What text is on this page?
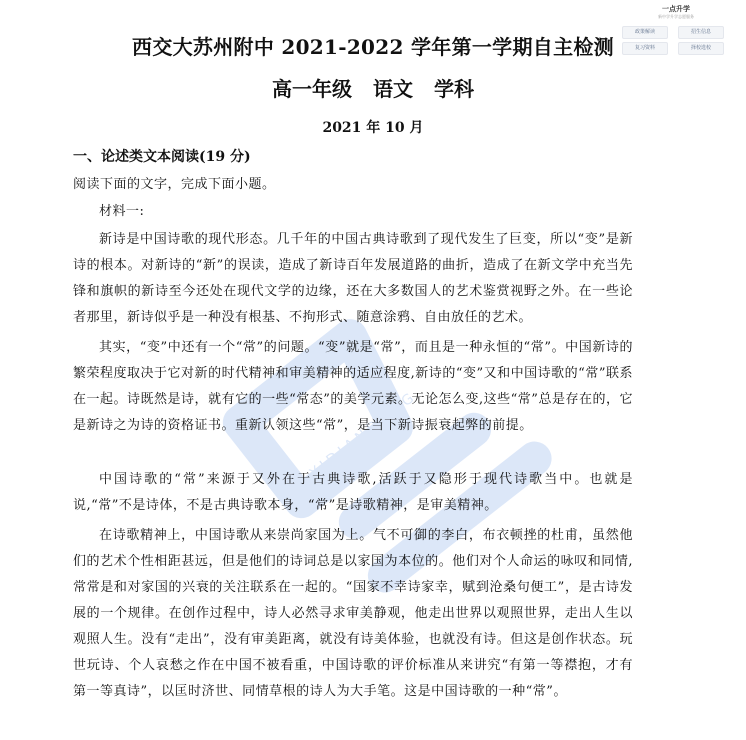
YIDIANDONG
一点升学
新中学升学志愿服务
政策解读	招生信息
复习资料	择校选校
西交大苏州附中 2021-2022 学年第一学期自主检测
高一年级 语文 学科
2021 年 10 月
一、论述类文本阅读(19 分)

阅读下面的文字，完成下面小题。

材料一:

新诗是中国诗歌的现代形态。几千年的中国古典诗歌到了现代发生了巨变，所以“变”是新诗的根本。对新诗的“新”的误读，造成了新诗百年发展道路的曲折，造成了在新文学中充当先锋和旗帜的新诗至今还处在现代文学的边缘，还在大多数国人的艺术鉴赏视野之外。在一些论者那里，新诗似乎是一种没有根基、不拘形式、随意涂鸦、自由放任的艺术。

其实，“变”中还有一个“常”的问题。“变”就是“常”，而且是一种永恒的“常”。中国新诗的繁荣程度取决于它对新的时代精神和审美精神的适应程度,新诗的“变”又和中国诗歌的“常”联系在一起。诗既然是诗，就有它的一些“常态”的美学元素。无论怎么变,这些“常”总是存在的，它是新诗之为诗的资格证书。重新认领这些“常”，是当下新诗振衰起弊的前提。

中国诗歌的“常”来源于又外在于古典诗歌,活跃于又隐形于现代诗歌当中。也就是说,“常”不是诗体，不是古典诗歌本身，“常”是诗歌精神，是审美精神。

在诗歌精神上，中国诗歌从来崇尚家国为上。气不可御的李白，布衣顿挫的杜甫，虽然他们的艺术个性相距甚远，但是他们的诗词总是以家国为本位的。他们对个人命运的咏叹和同情,常常是和对家国的兴衰的关注联系在一起的。“国家不幸诗家幸，赋到沧桑句便工”，是古诗发展的一个规律。在创作过程中，诗人必然寻求审美静观，他走出世界以观照世界，走出人生以观照人生。没有“走出”，没有审美距离，就没有诗美体验，也就没有诗。但这是创作状态。玩世玩诗、个人哀愁之作在中国不被看重，中国诗歌的评价标准从来讲究“有第一等襟抱，才有第一等真诗”，以匡时济世、同情草根的诗人为大手笔。这是中国诗歌的一种“常”。
